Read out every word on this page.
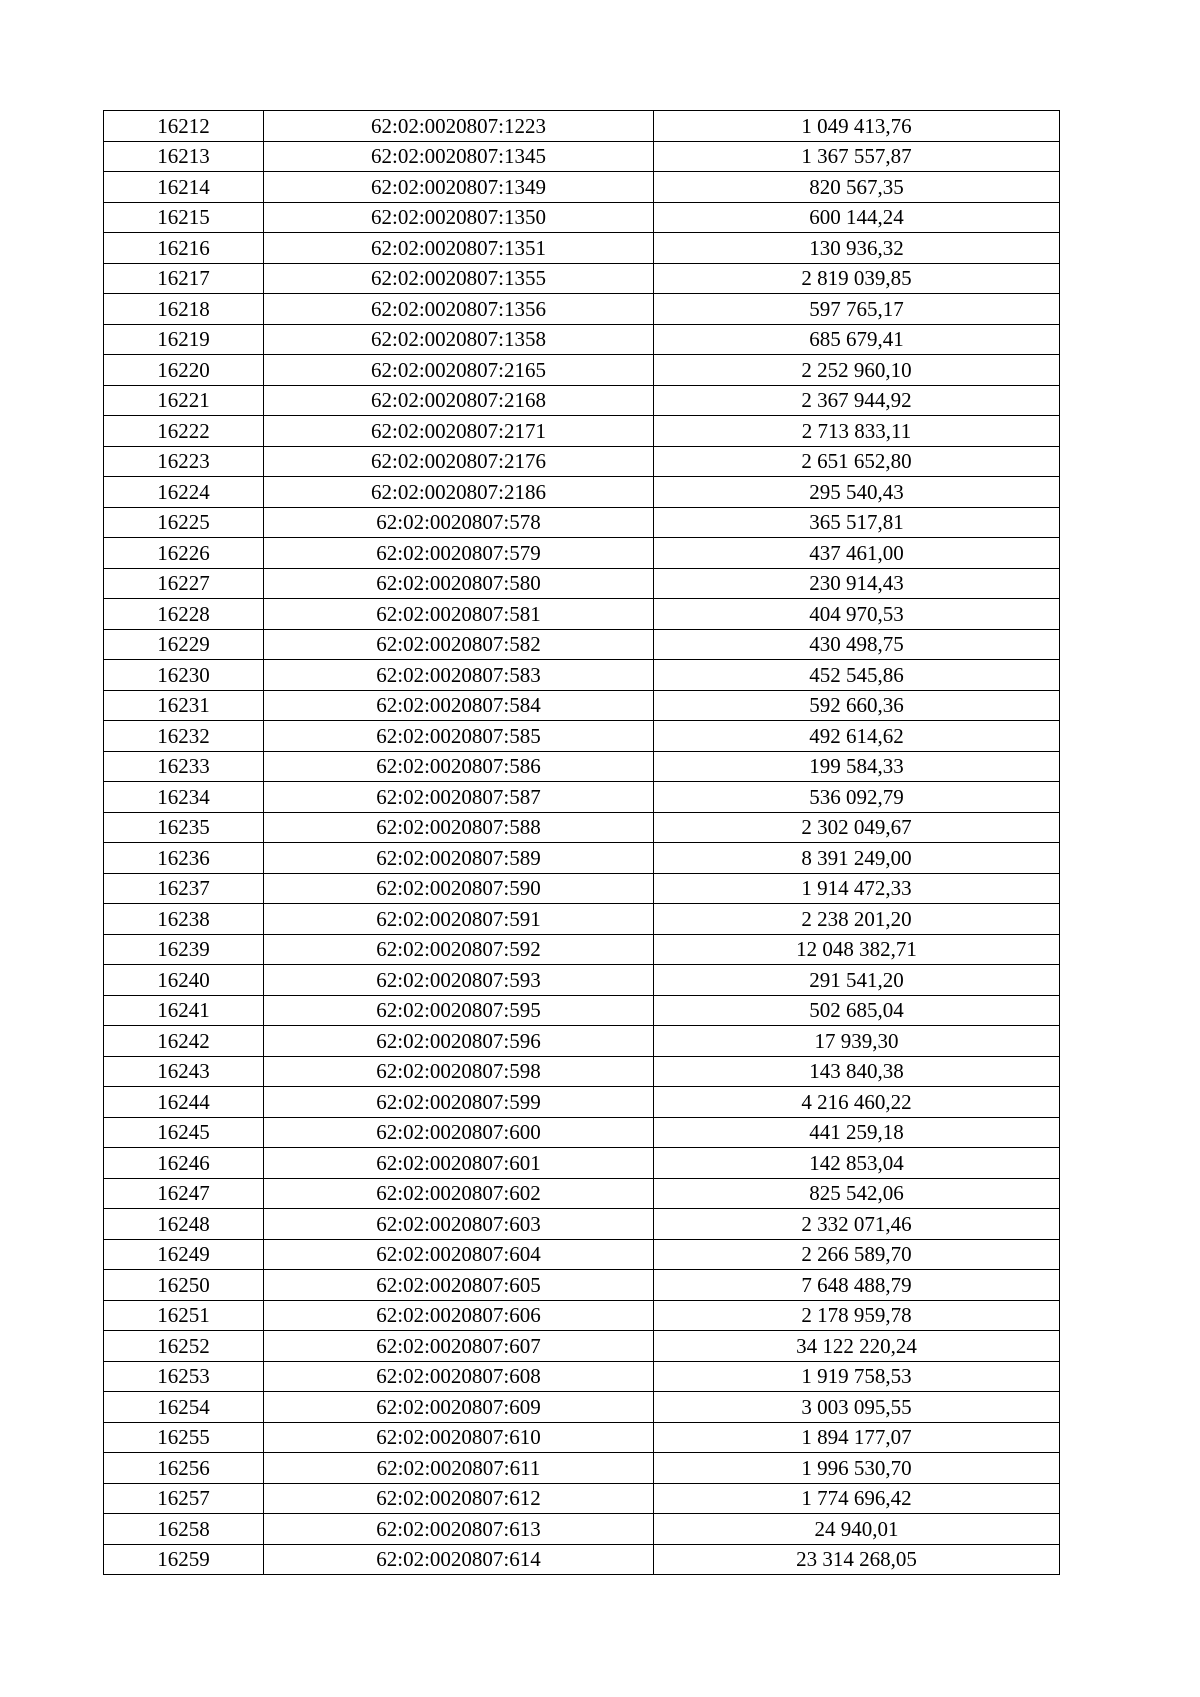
16212	62:02:0020807:1223	1 049 413,76
16213	62:02:0020807:1345	1 367 557,87
16214	62:02:0020807:1349	820 567,35
16215	62:02:0020807:1350	600 144,24
16216	62:02:0020807:1351	130 936,32
16217	62:02:0020807:1355	2 819 039,85
16218	62:02:0020807:1356	597 765,17
16219	62:02:0020807:1358	685 679,41
16220	62:02:0020807:2165	2 252 960,10
16221	62:02:0020807:2168	2 367 944,92
16222	62:02:0020807:2171	2 713 833,11
16223	62:02:0020807:2176	2 651 652,80
16224	62:02:0020807:2186	295 540,43
16225	62:02:0020807:578	365 517,81
16226	62:02:0020807:579	437 461,00
16227	62:02:0020807:580	230 914,43
16228	62:02:0020807:581	404 970,53
16229	62:02:0020807:582	430 498,75
16230	62:02:0020807:583	452 545,86
16231	62:02:0020807:584	592 660,36
16232	62:02:0020807:585	492 614,62
16233	62:02:0020807:586	199 584,33
16234	62:02:0020807:587	536 092,79
16235	62:02:0020807:588	2 302 049,67
16236	62:02:0020807:589	8 391 249,00
16237	62:02:0020807:590	1 914 472,33
16238	62:02:0020807:591	2 238 201,20
16239	62:02:0020807:592	12 048 382,71
16240	62:02:0020807:593	291 541,20
16241	62:02:0020807:595	502 685,04
16242	62:02:0020807:596	17 939,30
16243	62:02:0020807:598	143 840,38
16244	62:02:0020807:599	4 216 460,22
16245	62:02:0020807:600	441 259,18
16246	62:02:0020807:601	142 853,04
16247	62:02:0020807:602	825 542,06
16248	62:02:0020807:603	2 332 071,46
16249	62:02:0020807:604	2 266 589,70
16250	62:02:0020807:605	7 648 488,79
16251	62:02:0020807:606	2 178 959,78
16252	62:02:0020807:607	34 122 220,24
16253	62:02:0020807:608	1 919 758,53
16254	62:02:0020807:609	3 003 095,55
16255	62:02:0020807:610	1 894 177,07
16256	62:02:0020807:611	1 996 530,70
16257	62:02:0020807:612	1 774 696,42
16258	62:02:0020807:613	24 940,01
16259	62:02:0020807:614	23 314 268,05
